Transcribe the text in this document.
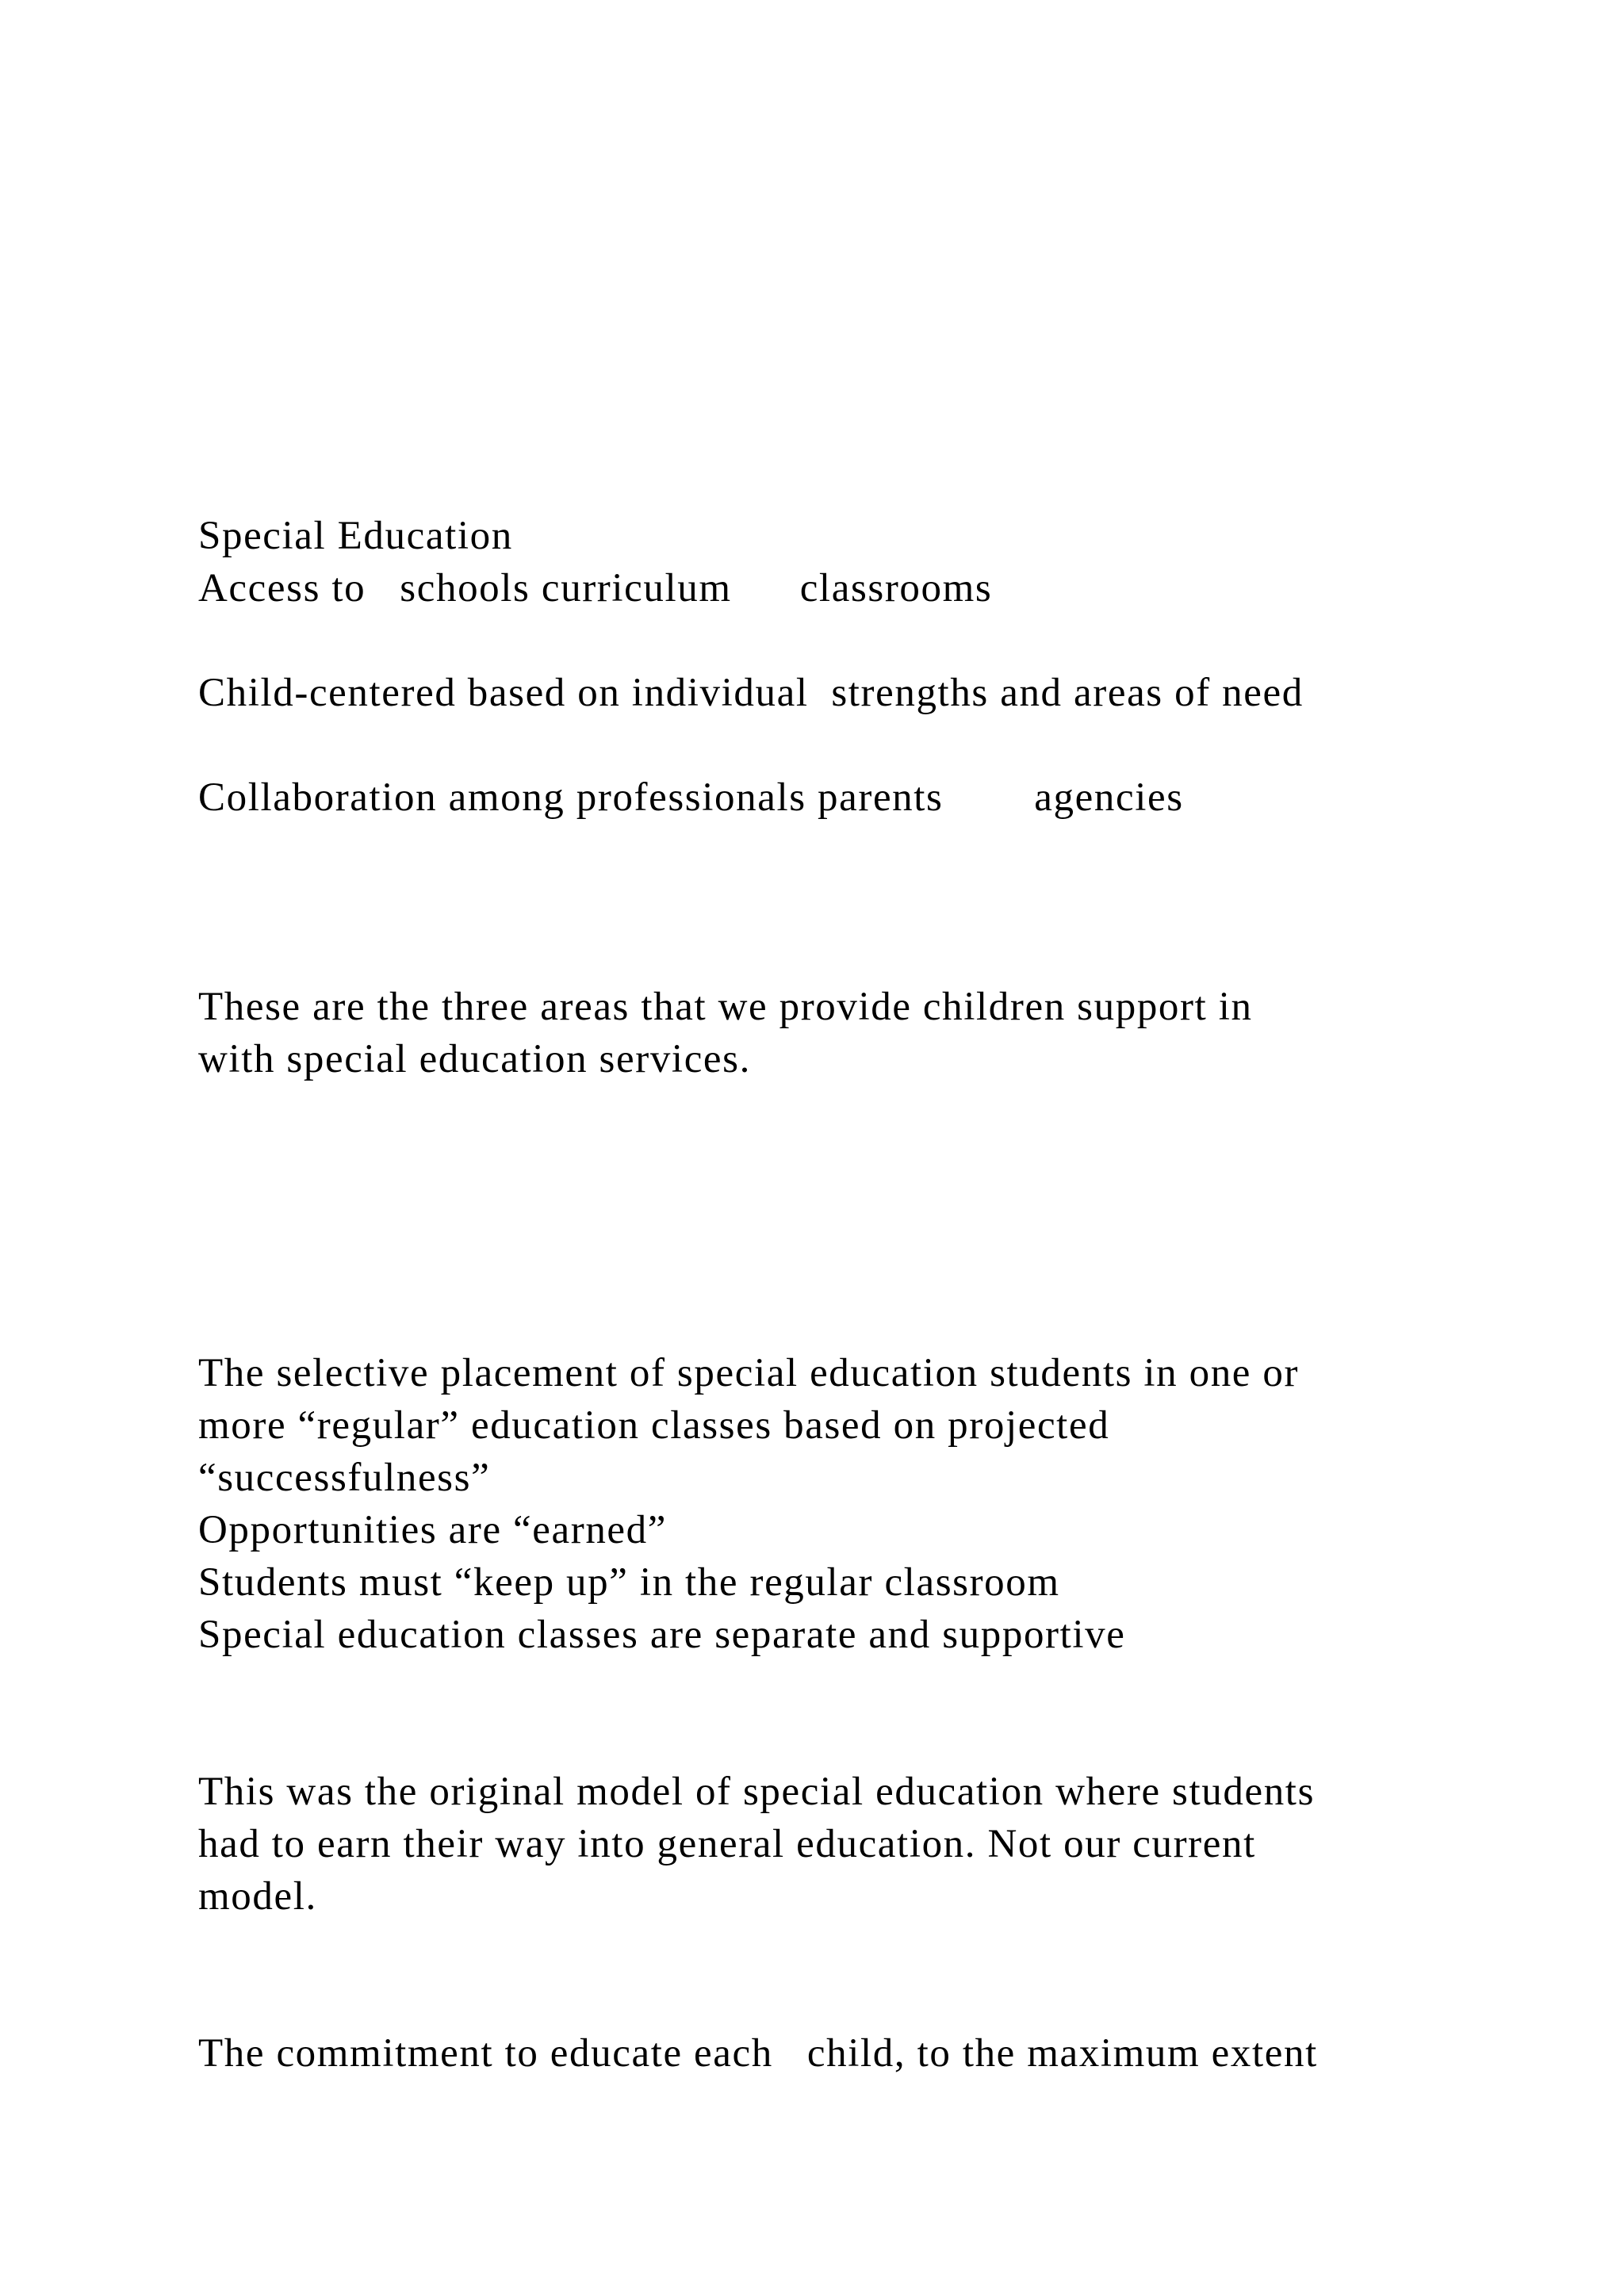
Special Education

Access to   schools curriculum      classrooms

Child-centered based on individual  strengths and areas of need

Collaboration among professionals parents        agencies

These are the three areas that we provide children support in

with special education services.

The selective placement of special education students in one or

more “regular” education classes based on projected

“successfulness”

Opportunities are “earned”

Students must “keep up” in the regular classroom

Special education classes are separate and supportive

This was the original model of special education where students

had to earn their way into general education. Not our current

model.

The commitment to educate each   child, to the maximum extent
